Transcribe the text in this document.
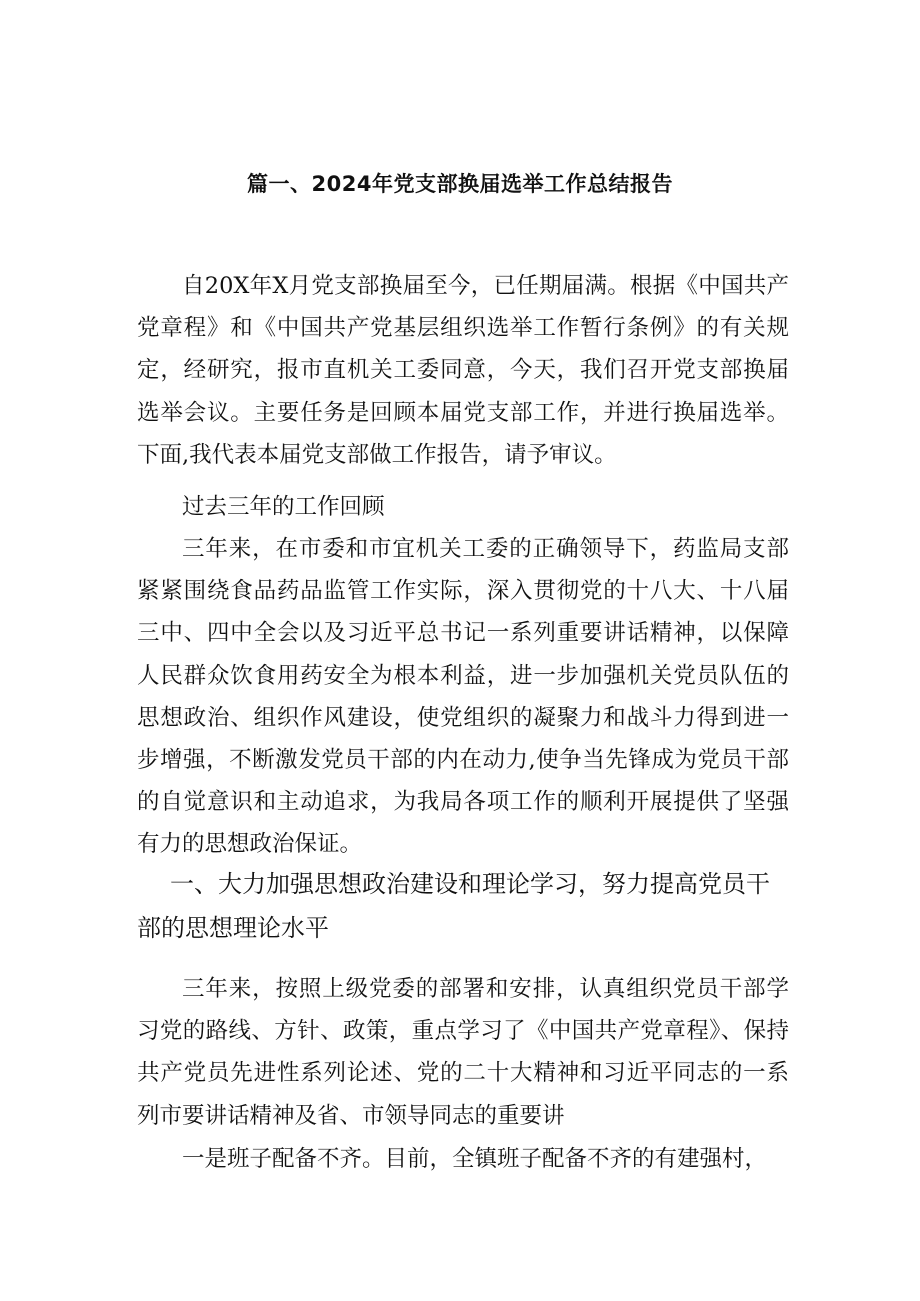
篇一、2024年党支部换届选举工作总结报告

自20X年X月党支部换届至今，已任期届满。根据《中国共产党章程》和《中国共产党基层组织选举工作暂行条例》的有关规定，经研究，报市直机关工委同意，今天，我们召开党支部换届选举会议。主要任务是回顾本届党支部工作，并进行换届选举。下面,我代表本届党支部做工作报告，请予审议。

过去三年的工作回顾

三年来，在市委和市宜机关工委的正确领导下，药监局支部紧紧围绕食品药品监管工作实际，深入贯彻党的十八大、十八届三中、四中全会以及习近平总书记一系列重要讲话精神，以保障人民群众饮食用药安全为根本利益，进一步加强机关党员队伍的思想政治、组织作风建设，使党组织的凝聚力和战斗力得到进一步增强，不断激发党员干部的内在动力,使争当先锋成为党员干部的自觉意识和主动追求，为我局各项工作的顺利开展提供了坚强有力的思想政治保证。

一、大力加强思想政治建设和理论学习，努力提高党员干部的思想理论水平

三年来，按照上级党委的部署和安排，认真组织党员干部学习党的路线、方针、政策，重点学习了《中国共产党章程》、保持共产党员先进性系列论述、党的二十大精神和习近平同志的一系列市要讲话精神及省、市领导同志的重要讲

一是班子配备不齐。目前，全镇班子配备不齐的有建强村，
